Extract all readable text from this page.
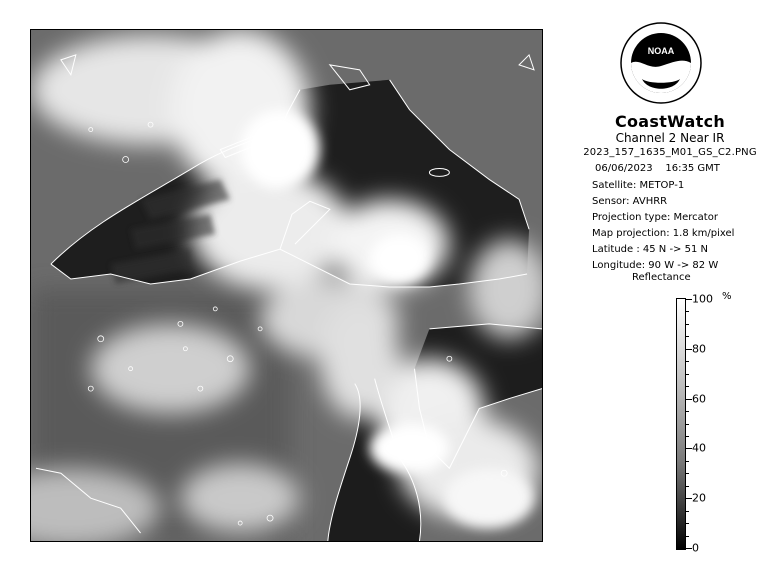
NOAA
CoastWatch
Channel 2 Near IR
2023_157_1635_M01_GS_C2.PNG
06/06/2023 16:35 GMT
Satellite: METOP-1
Sensor: AVHRR
Projection type: Mercator
Map projection: 1.8 km/pixel
Latitude : 45 N -> 51 N
Longitude: 90 W -> 82 W
Reflectance
%
100
80
60
40
20
0
